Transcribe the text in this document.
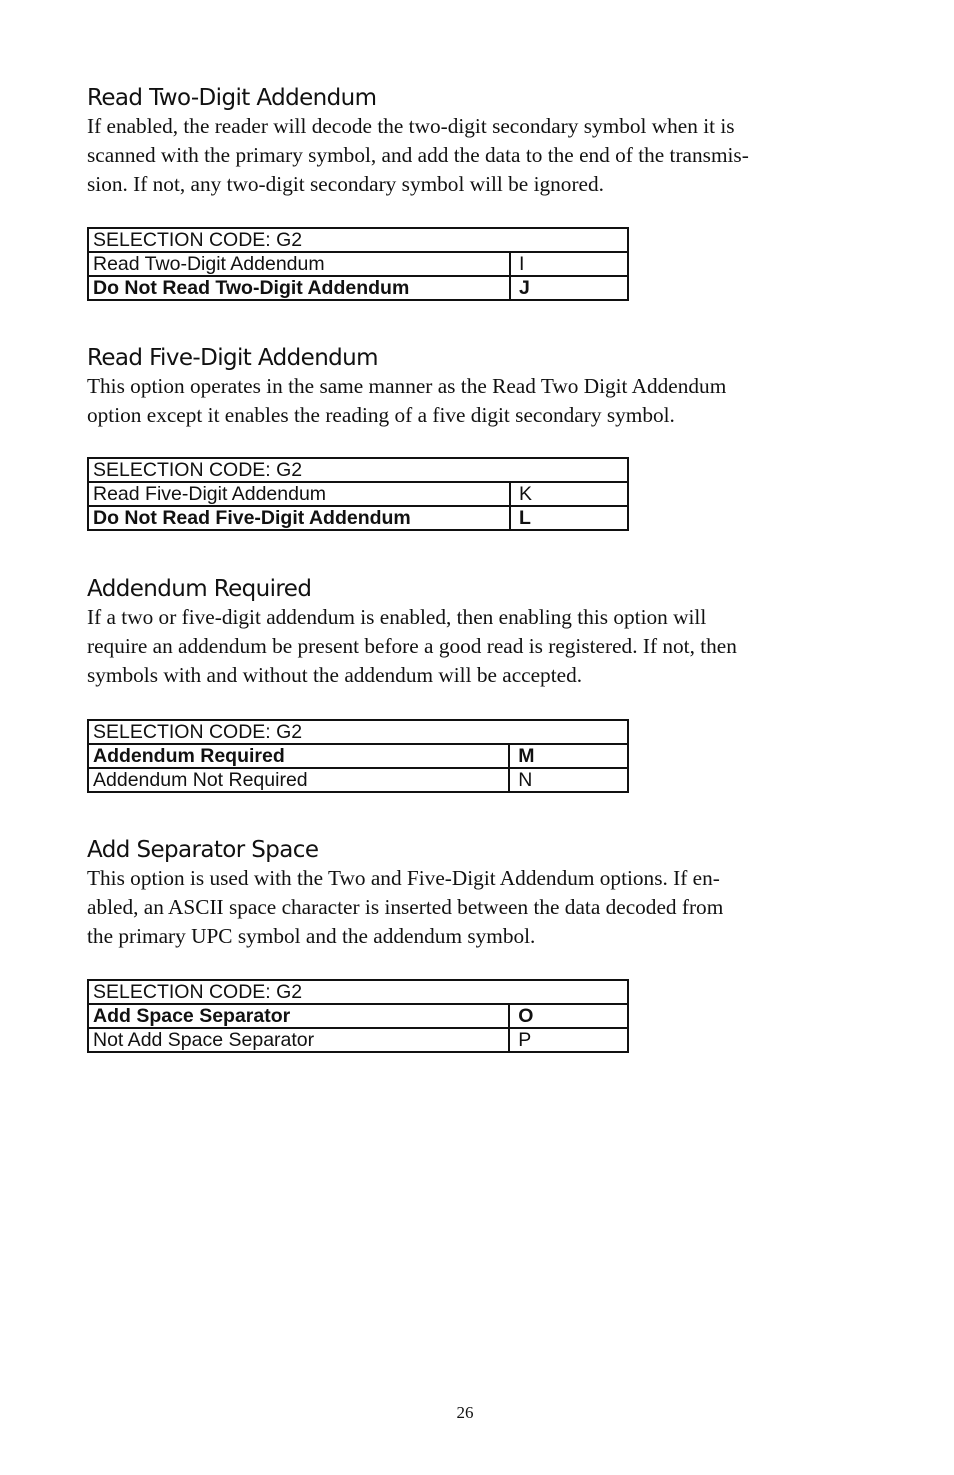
Read Two-Digit Addendum

If enabled, the reader will decode the two-digit secondary symbol when it is
scanned with the primary symbol, and add the data to the end of the transmis-
sion. If not, any two-digit secondary symbol will be ignored.

SELECTION CODE: G2	
Read Two-Digit Addendum	I
Do Not Read Two-Digit Addendum	J
Read Five-Digit Addendum

This option operates in the same manner as the Read Two Digit Addendum
option except it enables the reading of a five digit secondary symbol.

SELECTION CODE: G2	
Read Five-Digit Addendum	K
Do Not Read Five-Digit Addendum	L
Addendum Required

If a two or five-digit addendum is enabled, then enabling this option will
require an addendum be present before a good read is registered. If not, then
symbols with and without the addendum will be accepted.

SELECTION CODE: G2	
Addendum Required	M
Addendum Not Required	N
Add Separator Space

This option is used with the Two and Five-Digit Addendum options. If en-
abled, an ASCII space character is inserted between the data decoded from
the primary UPC symbol and the addendum symbol.

SELECTION CODE: G2	
Add Space Separator	O
Not Add Space Separator	P
26
